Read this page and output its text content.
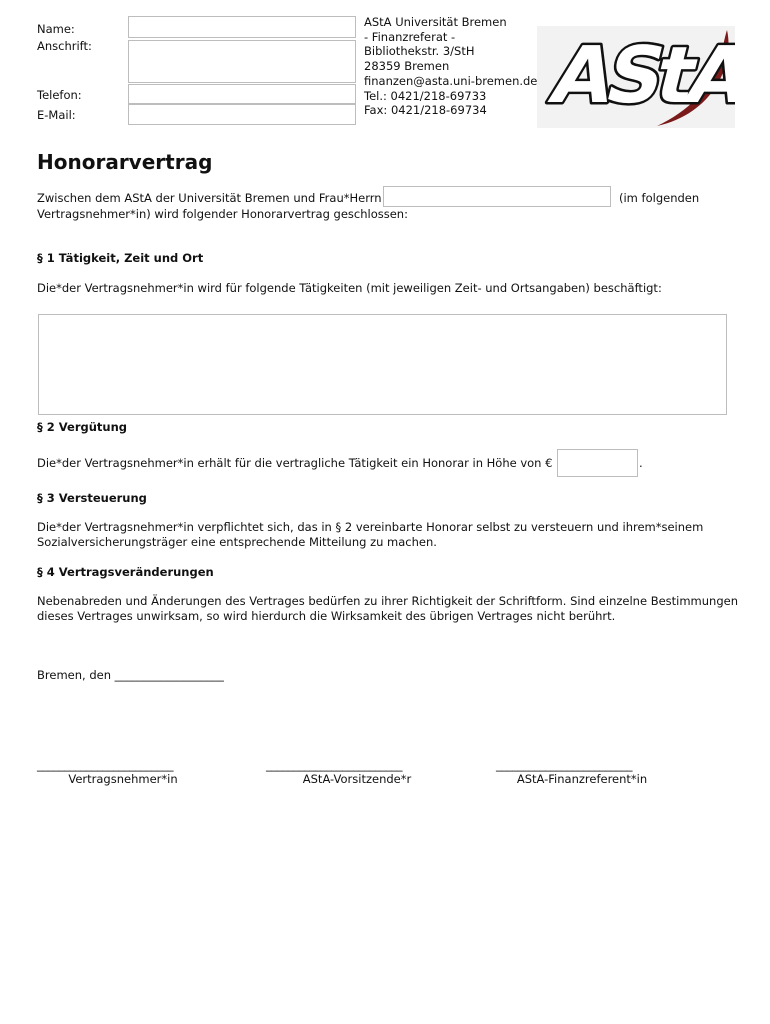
Name:
Anschrift:
Telefon:
E-Mail:
AStA Universität Bremen
- Finanzreferat -
Bibliothekstr. 3/StH
28359 Bremen
finanzen@asta.uni-bremen.de
Tel.: 0421/218-69733
Fax: 0421/218-69734 AStA
Honorarvertrag
Zwischen dem AStA der Universität Bremen und Frau*Herrn	(im folgenden
Vertragsnehmer*in) wird folgender Honorarvertrag geschlossen:
§ 1 Tätigkeit, Zeit und Ort
Die*der Vertragsnehmer*in wird für folgende Tätigkeiten (mit jeweiligen Zeit- und Ortsangaben) beschäftigt:
§ 2 Vergütung
Die*der Vertragsnehmer*in erhält für die vertragliche Tätigkeit ein Honorar in Höhe von €	.
§ 3 Versteuerung
Die*der Vertragsnehmer*in verpflichtet sich, das in § 2 vereinbarte Honorar selbst zu versteuern und ihrem*seinem
Sozialversicherungsträger eine entsprechende Mitteilung zu machen.
§ 4 Vertragsveränderungen
Nebenabreden und Änderungen des Vertrages bedürfen zu ihrer Richtigkeit der Schriftform. Sind einzelne Bestimmungen
dieses Vertrages unwirksam, so wird hierdurch die Wirksamkeit des übrigen Vertrages nicht berührt.
Bremen, den ___________________
_________________________	_________________________	_________________________
Vertragsnehmer*in	AStA-Vorsitzende*r	AStA-Finanzreferent*in
